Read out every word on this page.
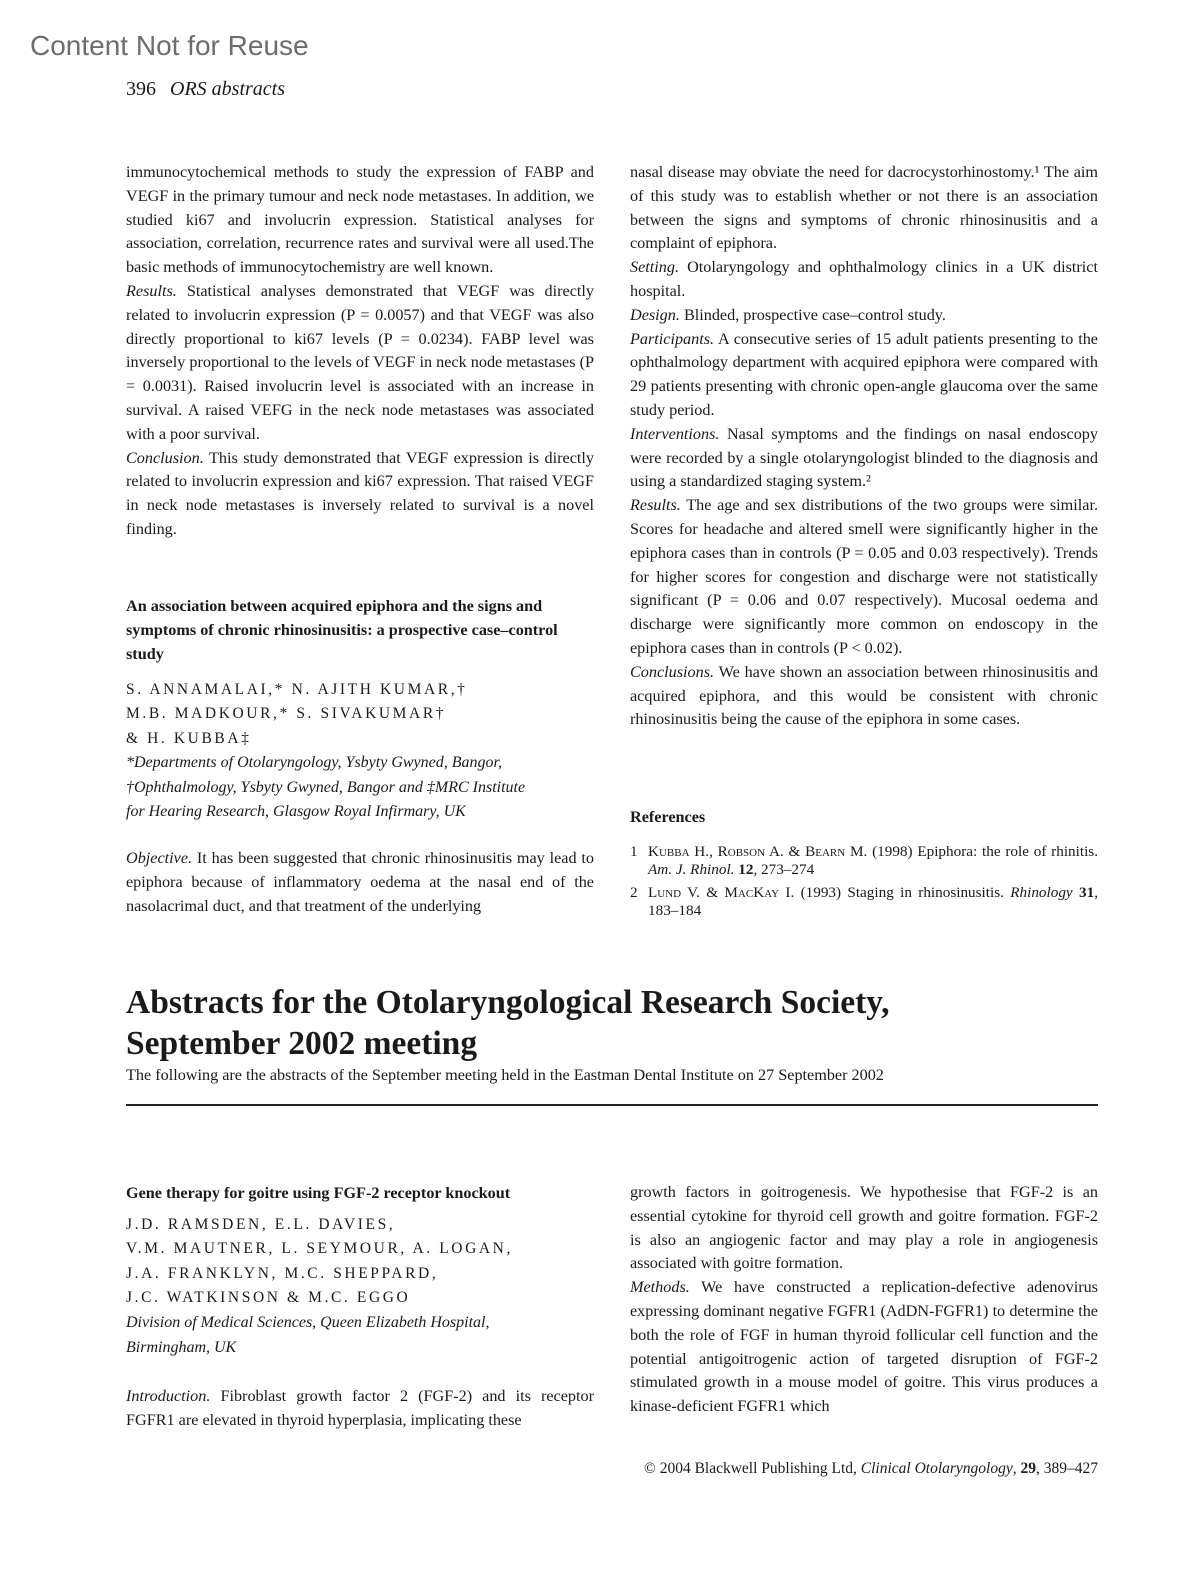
Content Not for Reuse
396 ORS abstracts

immunocytochemical methods to study the expression of FABP and VEGF in the primary tumour and neck node metastases. In addition, we studied ki67 and involucrin expression. Statistical analyses for association, correlation, recurrence rates and survival were all used.The basic methods of immunocytochemistry are well known.

Results. Statistical analyses demonstrated that VEGF was directly related to involucrin expression (P = 0.0057) and that VEGF was also directly proportional to ki67 levels (P = 0.0234). FABP level was inversely proportional to the levels of VEGF in neck node metastases (P = 0.0031). Raised involucrin level is associated with an increase in survival. A raised VEFG in the neck node metastases was associated with a poor survival.

Conclusion. This study demonstrated that VEGF expression is directly related to involucrin expression and ki67 expression. That raised VEGF in neck node metastases is inversely related to survival is a novel finding.

An association between acquired epiphora and the signs and symptoms of chronic rhinosinusitis: a prospective case–control study
S. ANNAMALAI,* N. AJITH KUMAR,†
M.B. MADKOUR,* S. SIVAKUMAR†
& H. KUBBA‡
*Departments of Otolaryngology, Ysbyty Gwyned, Bangor,
†Ophthalmology, Ysbyty Gwyned, Bangor and ‡MRC Institute
for Hearing Research, Glasgow Royal Infirmary, UK

Objective. It has been suggested that chronic rhinosinusitis may lead to epiphora because of inflammatory oedema at the nasal end of the nasolacrimal duct, and that treatment of the underlying

nasal disease may obviate the need for dacrocystorhinostomy.¹ The aim of this study was to establish whether or not there is an association between the signs and symptoms of chronic rhinosinusitis and a complaint of epiphora.

Setting. Otolaryngology and ophthalmology clinics in a UK district hospital.

Design. Blinded, prospective case–control study.

Participants. A consecutive series of 15 adult patients presenting to the ophthalmology department with acquired epiphora were compared with 29 patients presenting with chronic open-angle glaucoma over the same study period.

Interventions. Nasal symptoms and the findings on nasal endoscopy were recorded by a single otolaryngologist blinded to the diagnosis and using a standardized staging system.²

Results. The age and sex distributions of the two groups were similar. Scores for headache and altered smell were significantly higher in the epiphora cases than in controls (P = 0.05 and 0.03 respectively). Trends for higher scores for congestion and discharge were not statistically significant (P = 0.06 and 0.07 respectively). Mucosal oedema and discharge were significantly more common on endoscopy in the epiphora cases than in controls (P < 0.02).

Conclusions. We have shown an association between rhinosinusitis and acquired epiphora, and this would be consistent with chronic rhinosinusitis being the cause of the epiphora in some cases.

References
1 Kubba H., Robson A. & Bearn M. (1998) Epiphora: the role of rhinitis. Am. J. Rhinol. 12, 273–274
2 Lund V. & MacKay I. (1993) Staging in rhinosinusitis. Rhinology 31, 183–184
Abstracts for the Otolaryngological Research Society,
September 2002 meeting
The following are the abstracts of the September meeting held in the Eastman Dental Institute on 27 September 2002
Gene therapy for goitre using FGF-2 receptor knockout
J.D. RAMSDEN, E.L. DAVIES,
V.M. MAUTNER, L. SEYMOUR, A. LOGAN,
J.A. FRANKLYN, M.C. SHEPPARD,
J.C. WATKINSON & M.C. EGGO
Division of Medical Sciences, Queen Elizabeth Hospital,
Birmingham, UK

Introduction. Fibroblast growth factor 2 (FGF-2) and its receptor FGFR1 are elevated in thyroid hyperplasia, implicating these

growth factors in goitrogenesis. We hypothesise that FGF-2 is an essential cytokine for thyroid cell growth and goitre formation. FGF-2 is also an angiogenic factor and may play a role in angiogenesis associated with goitre formation.

Methods. We have constructed a replication-defective adenovirus expressing dominant negative FGFR1 (AdDN-FGFR1) to determine the both the role of FGF in human thyroid follicular cell function and the potential antigoitrogenic action of targeted disruption of FGF-2 stimulated growth in a mouse model of goitre. This virus produces a kinase-deficient FGFR1 which

© 2004 Blackwell Publishing Ltd, Clinical Otolaryngology, 29, 389–427
